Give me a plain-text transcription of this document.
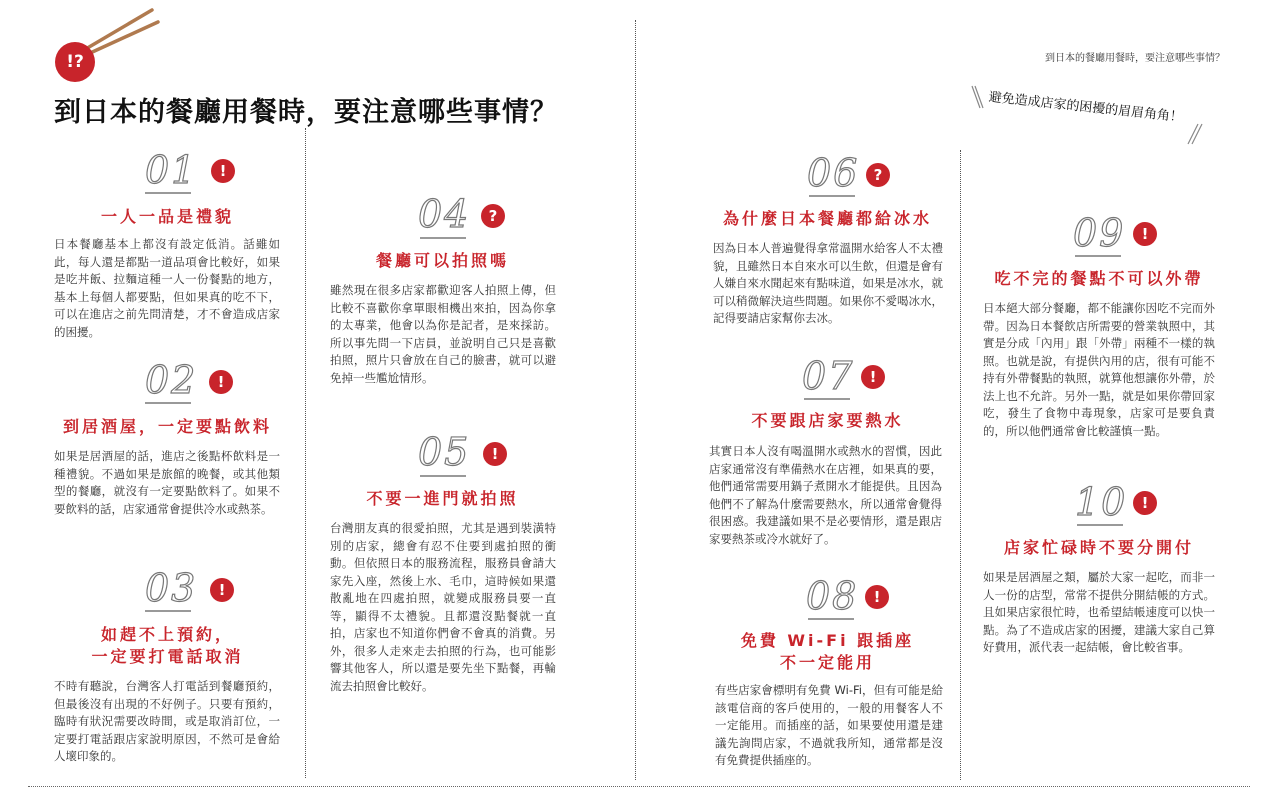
!?
到日本的餐廳用餐時，要注意哪些事情？
到日本的餐廳用餐時，要注意哪些事情？
避免造成店家的困擾的眉眉角角！
01	!
一人一品是禮貌
日本餐廳基本上都沒有設定低消。話雖如此，每人還是都點一道品項會比較好，如果是吃丼飯、拉麵這種一人一份餐點的地方，基本上每個人都要點，但如果真的吃不下，可以在進店之前先問清楚，才不會造成店家的困擾。
02	!
到居酒屋，一定要點飲料
如果是居酒屋的話，進店之後點杯飲料是一種禮貌。不過如果是旅館的晚餐，或其他類型的餐廳，就沒有一定要點飲料了。如果不要飲料的話，店家通常會提供冷水或熱茶。
03	!
如趕不上預約，
一定要打電話取消
不時有聽說，台灣客人打電話到餐廳預約，但最後沒有出現的不好例子。只要有預約，臨時有狀況需要改時間，或是取消訂位，一定要打電話跟店家說明原因，不然可是會給人壞印象的。
04	?
餐廳可以拍照嗎
雖然現在很多店家都歡迎客人拍照上傳，但比較不喜歡你拿單眼相機出來拍，因為你拿的太專業，他會以為你是記者，是來採訪。所以事先問一下店員，並說明自己只是喜歡拍照，照片只會放在自己的臉書，就可以避免掉一些尷尬情形。
05	!
不要一進門就拍照
台灣朋友真的很愛拍照，尤其是遇到裝潢特別的店家，總會有忍不住要到處拍照的衝動。但依照日本的服務流程，服務員會請大家先入座，然後上水、毛巾，這時候如果還散亂地在四處拍照，就變成服務員要一直等，顯得不太禮貌。且都還沒點餐就一直拍，店家也不知道你們會不會真的消費。另外，很多人走來走去拍照的行為，也可能影響其他客人，所以還是要先坐下點餐，再輪流去拍照會比較好。
06 ?
為什麼日本餐廳都給冰水
因為日本人普遍覺得拿常溫開水給客人不太禮貌，且雖然日本自來水可以生飲，但還是會有人嫌自來水聞起來有點味道，如果是冰水，就可以稍微解決這些問題。如果你不愛喝冰水，記得要請店家幫你去冰。
07	!
不要跟店家要熱水
其實日本人沒有喝溫開水或熱水的習慣，因此店家通常沒有準備熱水在店裡，如果真的要，他們通常需要用鍋子煮開水才能提供。且因為他們不了解為什麼需要熱水，所以通常會覺得很困惑。我建議如果不是必要情形，還是跟店家要熱茶或冷水就好了。
08	!
免費 Wi-Fi 跟插座
不一定能用
有些店家會標明有免費 Wi-Fi，但有可能是給該電信商的客戶使用的，一般的用餐客人不一定能用。而插座的話，如果要使用還是建議先詢問店家，不過就我所知，通常都是沒有免費提供插座的。
09	!
吃不完的餐點不可以外帶
日本絕大部分餐廳，都不能讓你因吃不完而外帶。因為日本餐飲店所需要的營業執照中，其實是分成「內用」跟「外帶」兩種不一樣的執照。也就是說，有提供內用的店，很有可能不持有外帶餐點的執照，就算他想讓你外帶，於法上也不允許。另外一點，就是如果你帶回家吃，發生了食物中毒現象，店家可是要負責的，所以他們通常會比較謹慎一點。
10 !
店家忙碌時不要分開付
如果是居酒屋之類，屬於大家一起吃，而非一人一份的店型，常常不提供分開結帳的方式。且如果店家很忙時，也希望結帳速度可以快一點。為了不造成店家的困擾，建議大家自己算好費用，派代表一起結帳，會比較省事。
